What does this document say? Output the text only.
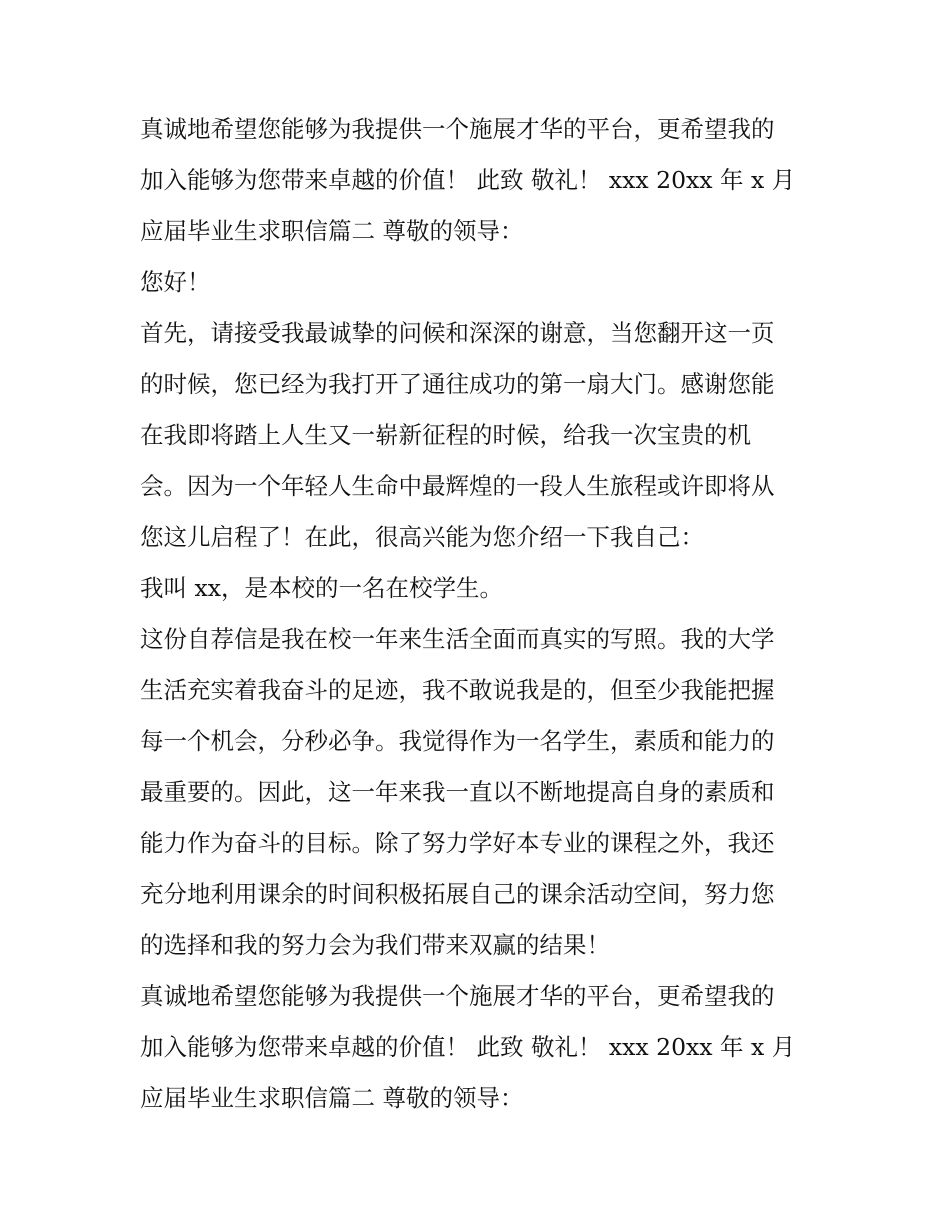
真诚地希望您能够为我提供一个施展才华的平台，更希望我的
加入能够为您带来卓越的价值！ 此致 敬礼！ xxx 20xx 年 x 月
应届毕业生求职信篇二 尊敬的领导：
您好！
首先，请接受我最诚挚的问候和深深的谢意，当您翻开这一页
的时候，您已经为我打开了通往成功的第一扇大门。感谢您能
在我即将踏上人生又一崭新征程的时候，给我一次宝贵的机
会。因为一个年轻人生命中最辉煌的一段人生旅程或许即将从
您这儿启程了！在此，很高兴能为您介绍一下我自己：
我叫 xx，是本校的一名在校学生。
这份自荐信是我在校一年来生活全面而真实的写照。我的大学
生活充实着我奋斗的足迹，我不敢说我是的，但至少我能把握
每一个机会，分秒必争。我觉得作为一名学生，素质和能力的
最重要的。因此，这一年来我一直以不断地提高自身的素质和
能力作为奋斗的目标。除了努力学好本专业的课程之外，我还
充分地利用课余的时间积极拓展自己的课余活动空间，努力您
的选择和我的努力会为我们带来双赢的结果！
真诚地希望您能够为我提供一个施展才华的平台，更希望我的
加入能够为您带来卓越的价值！ 此致 敬礼！ xxx 20xx 年 x 月
应届毕业生求职信篇二 尊敬的领导：
